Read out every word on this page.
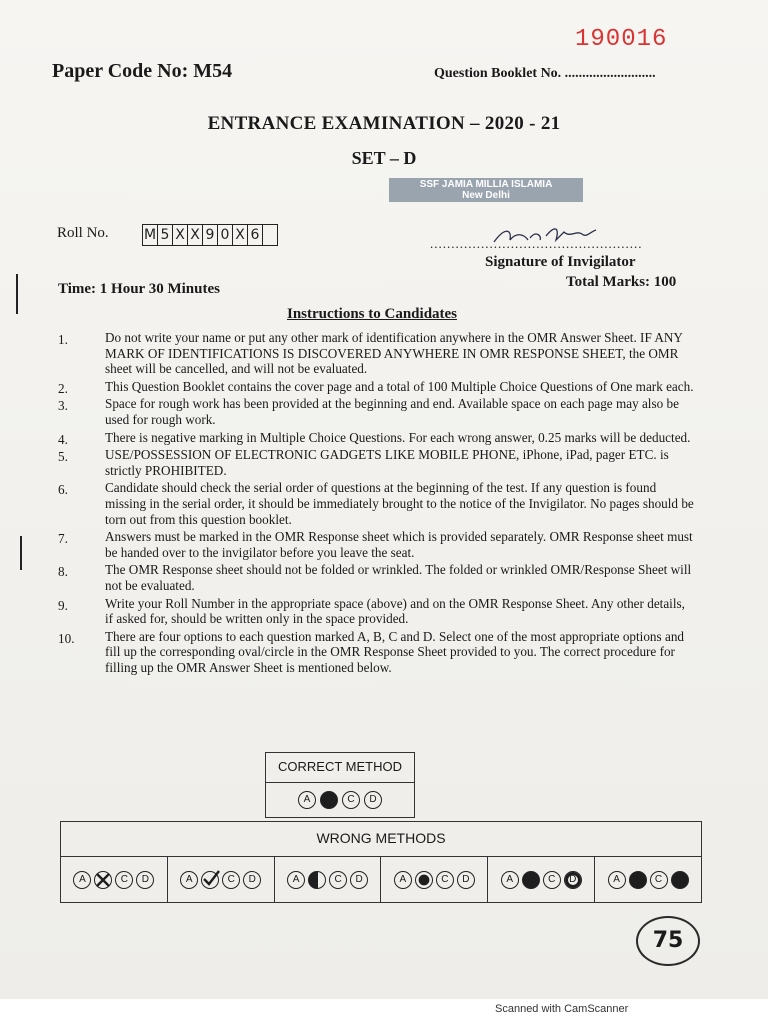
190016
Paper Code No: M54	Question Booklet No. ..........................
ENTRANCE EXAMINATION – 2020 - 21
SET – D
SSF JAMIA MILLIA ISLAMIA
New Delhi
Roll No.	M 5 X X 9 0 X 6
..................................................
Signature of Invigilator
Time: 1 Hour 30 Minutes	Total Marks: 100
Instructions to Candidates
1.	Do not write your name or put any other mark of identification anywhere in the OMR Answer Sheet. IF ANY MARK OF IDENTIFICATIONS IS DISCOVERED ANYWHERE IN OMR RESPONSE SHEET, the OMR sheet will be cancelled, and will not be evaluated.
2.	This Question Booklet contains the cover page and a total of 100 Multiple Choice Questions of One mark each.
3.	Space for rough work has been provided at the beginning and end. Available space on each page may also be used for rough work.
4.	There is negative marking in Multiple Choice Questions. For each wrong answer, 0.25 marks will be deducted.
5.	USE/POSSESSION OF ELECTRONIC GADGETS LIKE MOBILE PHONE, iPhone, iPad, pager ETC. is strictly PROHIBITED.
6.	Candidate should check the serial order of questions at the beginning of the test. If any question is found missing in the serial order, it should be immediately brought to the notice of the Invigilator. No pages should be torn out from this question booklet.
7.	Answers must be marked in the OMR Response sheet which is provided separately. OMR Response sheet must be handed over to the invigilator before you leave the seat.
8.	The OMR Response sheet should not be folded or wrinkled. The folded or wrinkled OMR/Response Sheet will not be evaluated.
9.	Write your Roll Number in the appropriate space (above) and on the OMR Response Sheet. Any other details, if asked for, should be written only in the space provided.
10. There are four options to each question marked A, B, C and D. Select one of the most appropriate options and fill up the corresponding oval/circle in the OMR Response Sheet provided to you. The correct procedure for filling up the OMR Answer Sheet is mentioned below.
CORRECT METHOD
A	C	D
WRONG METHODS
A	C	D	A	C	D	A	C	D	A	C	D	A	C	D	A	C
75
Scanned with CamScanner
